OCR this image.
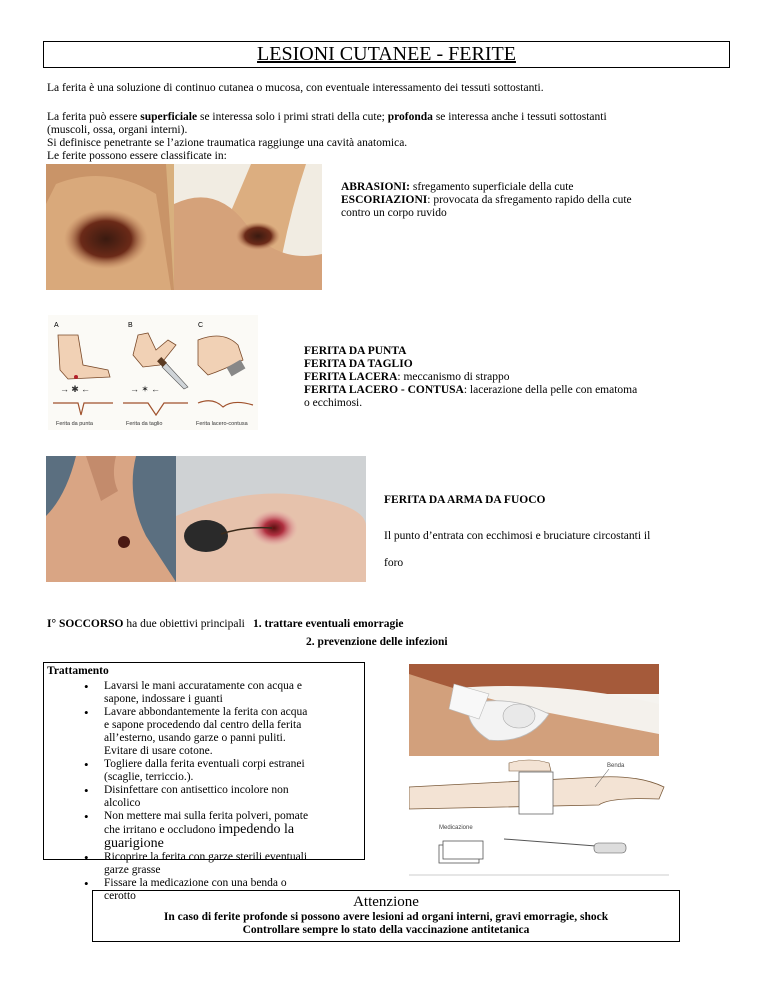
LESIONI CUTANEE - FERITE
La ferita è una soluzione di continuo cutanea o mucosa, con eventuale interessamento dei tessuti sottostanti.
La ferita può essere superficiale se interessa solo i primi strati della cute; profonda se interessa anche i tessuti sottostanti
(muscoli, ossa, organi interni).
Si definisce penetrante se l’azione traumatica raggiunge una cavità anatomica.
Le ferite possono essere classificate in:
ABRASIONI: sfregamento superficiale della cute
ESCORIAZIONI: provocata da sfregamento rapido della cute
contro un corpo ruvido
A	B	C
→ ✱ ←	→ ✶ ←
Ferita da punta	Ferita da taglio	Ferita lacero-contusa
FERITA DA PUNTA
FERITA DA TAGLIO
FERITA LACERA: meccanismo di strappo
FERITA LACERO - CONTUSA: lacerazione della pelle con ematoma
o ecchimosi.
FERITA DA ARMA DA FUOCO
Il punto d’entrata con ecchimosi e bruciature circostanti il
foro
I° SOCCORSO ha due obiettivi principali 1. trattare eventuali emorragie
2. prevenzione delle infezioni
Trattamento
• Lavarsi le mani accuratamente con acqua e sapone, indossare i guanti
• Lavare abbondantemente la ferita con acqua e sapone procedendo dal centro della ferita all’esterno, usando garze o panni puliti. Evitare di usare cotone.
• Togliere dalla ferita eventuali corpi estranei (scaglie, terriccio.).
• Disinfettare con antisettico incolore non alcolico
• Non mettere mai sulla ferita polveri, pomate che irritano e occludono impedendo la guarigione
• Ricoprire la ferita con garze sterili eventuali garze grasse
• Fissare la medicazione con una benda o cerotto
Benda
Medicazione
Attenzione
In caso di ferite profonde si possono avere lesioni ad organi interni, gravi emorragie, shock
Controllare sempre lo stato della vaccinazione antitetanica
